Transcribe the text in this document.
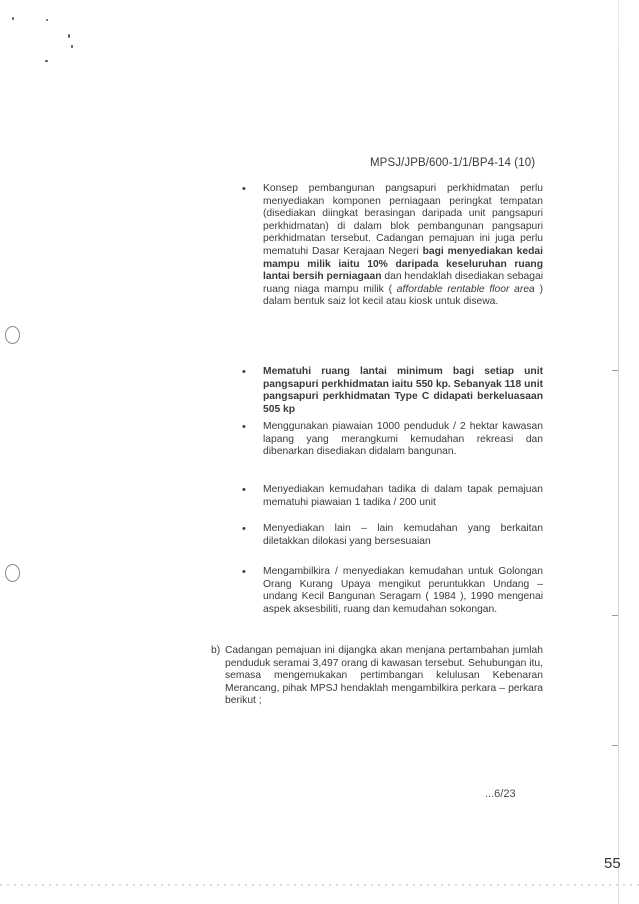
MPSJ/JPB/600-1/1/BP4-14 (10)
• Konsep pembangunan pangsapuri perkhidmatan perlu menyediakan komponen perniagaan peringkat tempatan (disediakan diingkat berasingan daripada unit pangsapuri perkhidmatan) di dalam blok pembangunan pangsapuri perkhidmatan tersebut. Cadangan pemajuan ini juga perlu mematuhi Dasar Kerajaan Negeri bagi menyediakan kedai mampu milik iaitu 10% daripada keseluruhan ruang lantai bersih perniagaan dan hendaklah disediakan sebagai ruang niaga mampu milik ( affordable rentable floor area ) dalam bentuk saiz lot kecil atau kiosk untuk disewa.
• Mematuhi ruang lantai minimum bagi setiap unit pangsapuri perkhidmatan iaitu 550 kp. Sebanyak 118 unit pangsapuri perkhidmatan Type C didapati berkeluasaan 505 kp
• Menggunakan piawaian 1000 penduduk / 2 hektar kawasan lapang yang merangkumi kemudahan rekreasi dan dibenarkan disediakan didalam bangunan.
• Menyediakan kemudahan tadika di dalam tapak pemajuan mematuhi piawaian 1 tadika / 200 unit
• Menyediakan lain – lain kemudahan yang berkaitan diletakkan dilokasi yang bersesuaian
• Mengambilkira / menyediakan kemudahan untuk Golongan Orang Kurang Upaya mengikut peruntukkan Undang – undang Kecil Bangunan Seragam ( 1984 ), 1990 mengenai aspek aksesbiliti, ruang dan kemudahan sokongan.
b) Cadangan pemajuan ini dijangka akan menjana pertambahan jumlah penduduk seramai 3,497 orang di kawasan tersebut. Sehubungan itu, semasa mengemukakan pertimbangan kelulusan Kebenaran Merancang, pihak MPSJ hendaklah mengambilkira perkara – perkara berikut ;
...6/23
55
